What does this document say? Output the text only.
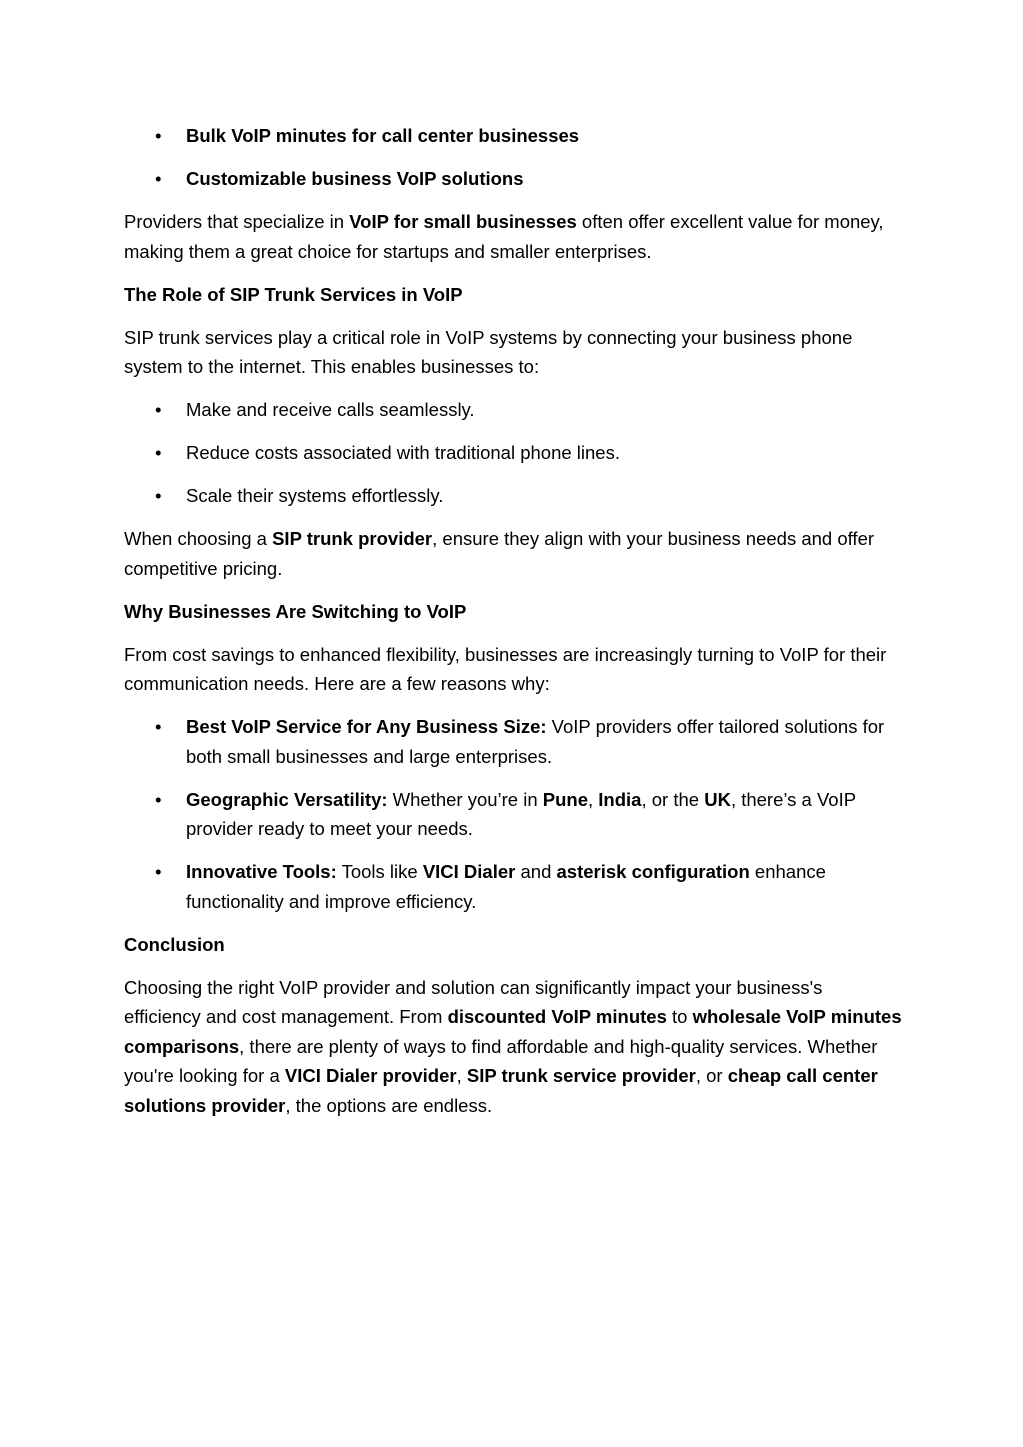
• Bulk VoIP minutes for call center businesses
• Customizable business VoIP solutions

Providers that specialize in VoIP for small businesses often offer excellent value for money, making them a great choice for startups and smaller enterprises.

The Role of SIP Trunk Services in VoIP

SIP trunk services play a critical role in VoIP systems by connecting your business phone system to the internet. This enables businesses to:

• Make and receive calls seamlessly.
• Reduce costs associated with traditional phone lines.
• Scale their systems effortlessly.

When choosing a SIP trunk provider, ensure they align with your business needs and offer competitive pricing.

Why Businesses Are Switching to VoIP

From cost savings to enhanced flexibility, businesses are increasingly turning to VoIP for their communication needs. Here are a few reasons why:

• Best VoIP Service for Any Business Size: VoIP providers offer tailored solutions for both small businesses and large enterprises.
• Geographic Versatility: Whether you’re in Pune, India, or the UK, there’s a VoIP provider ready to meet your needs.
• Innovative Tools: Tools like VICI Dialer and asterisk configuration enhance functionality and improve efficiency.
Conclusion

Choosing the right VoIP provider and solution can significantly impact your business's efficiency and cost management. From discounted VoIP minutes to wholesale VoIP minutes comparisons, there are plenty of ways to find affordable and high-quality services. Whether you're looking for a VICI Dialer provider, SIP trunk service provider, or cheap call center solutions provider, the options are endless.
